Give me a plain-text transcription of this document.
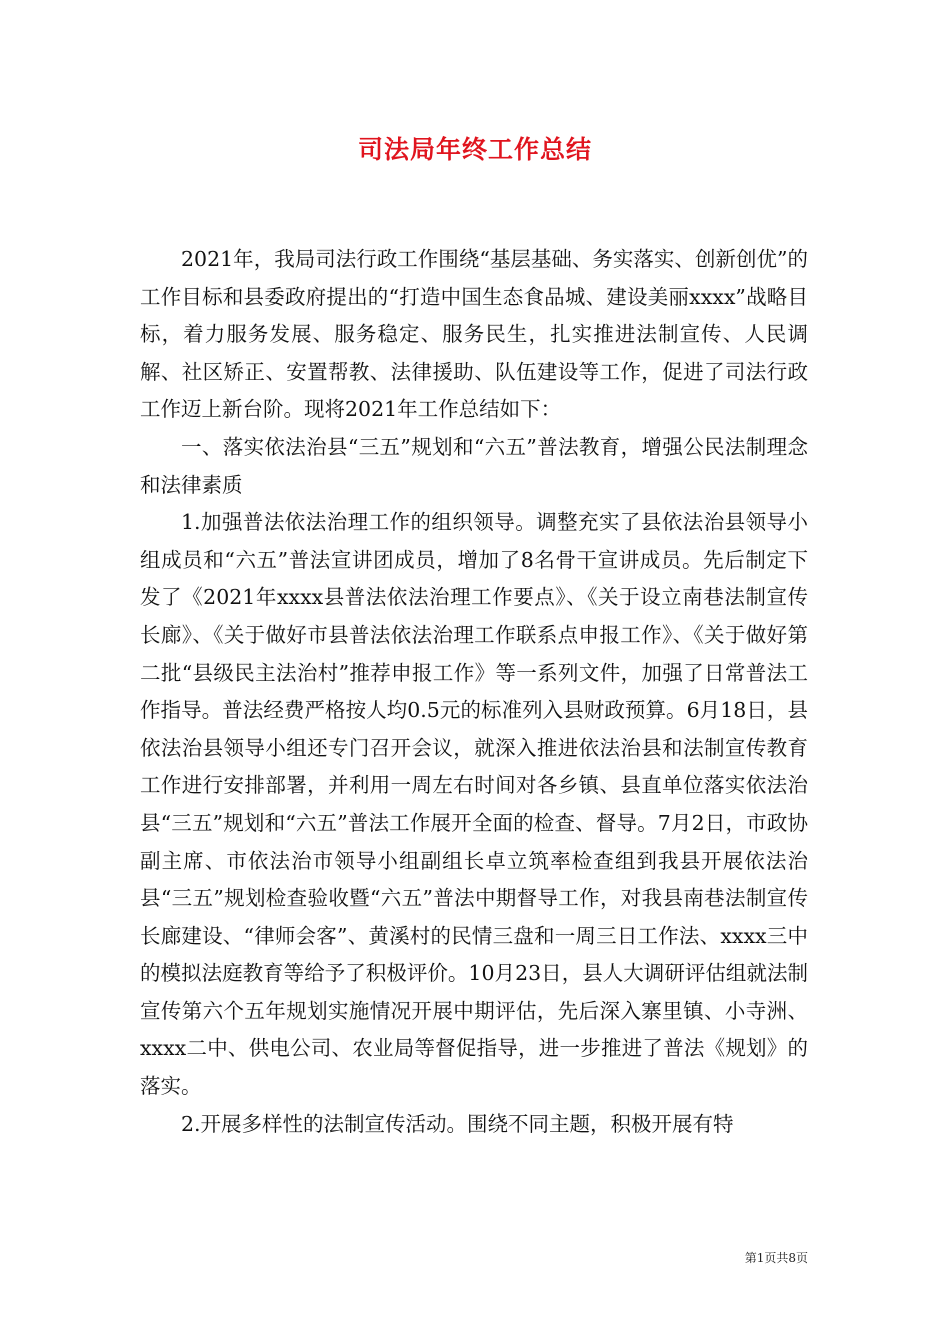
司法局年终工作总结

2021年，我局司法行政工作围绕“基层基础、务实落实、创新创优”的工作目标和县委政府提出的“打造中国生态食品城、建设美丽xxxx”战略目标，着力服务发展、服务稳定、服务民生，扎实推进法制宣传、人民调解、社区矫正、安置帮教、法律援助、队伍建设等工作，促进了司法行政工作迈上新台阶。现将2021年工作总结如下：

一、落实依法治县“三五”规划和“六五”普法教育，增强公民法制理念和法律素质

1.加强普法依法治理工作的组织领导。调整充实了县依法治县领导小组成员和“六五”普法宣讲团成员，增加了8名骨干宣讲成员。先后制定下发了《2021年xxxx县普法依法治理工作要点》、《关于设立南巷法制宣传长廊》、《关于做好市县普法依法治理工作联系点申报工作》、《关于做好第二批“县级民主法治村”推荐申报工作》等一系列文件，加强了日常普法工作指导。普法经费严格按人均0.5元的标准列入县财政预算。6月18日，县依法治县领导小组还专门召开会议，就深入推进依法治县和法制宣传教育工作进行安排部署，并利用一周左右时间对各乡镇、县直单位落实依法治县“三五”规划和“六五”普法工作展开全面的检查、督导。7月2日，市政协副主席、市依法治市领导小组副组长卓立筑率检查组到我县开展依法治县“三五”规划检查验收暨“六五”普法中期督导工作，对我县南巷法制宣传长廊建设、“律师会客”、黄溪村的民情三盘和一周三日工作法、xxxx三中的模拟法庭教育等给予了积极评价。10月23日，县人大调研评估组就法制宣传第六个五年规划实施情况开展中期评估，先后深入寨里镇、小寺洲、xxxx二中、供电公司、农业局等督促指导，进一步推进了普法《规划》的落实。

2.开展多样性的法制宣传活动。围绕不同主题，积极开展有特

第1页共8页
